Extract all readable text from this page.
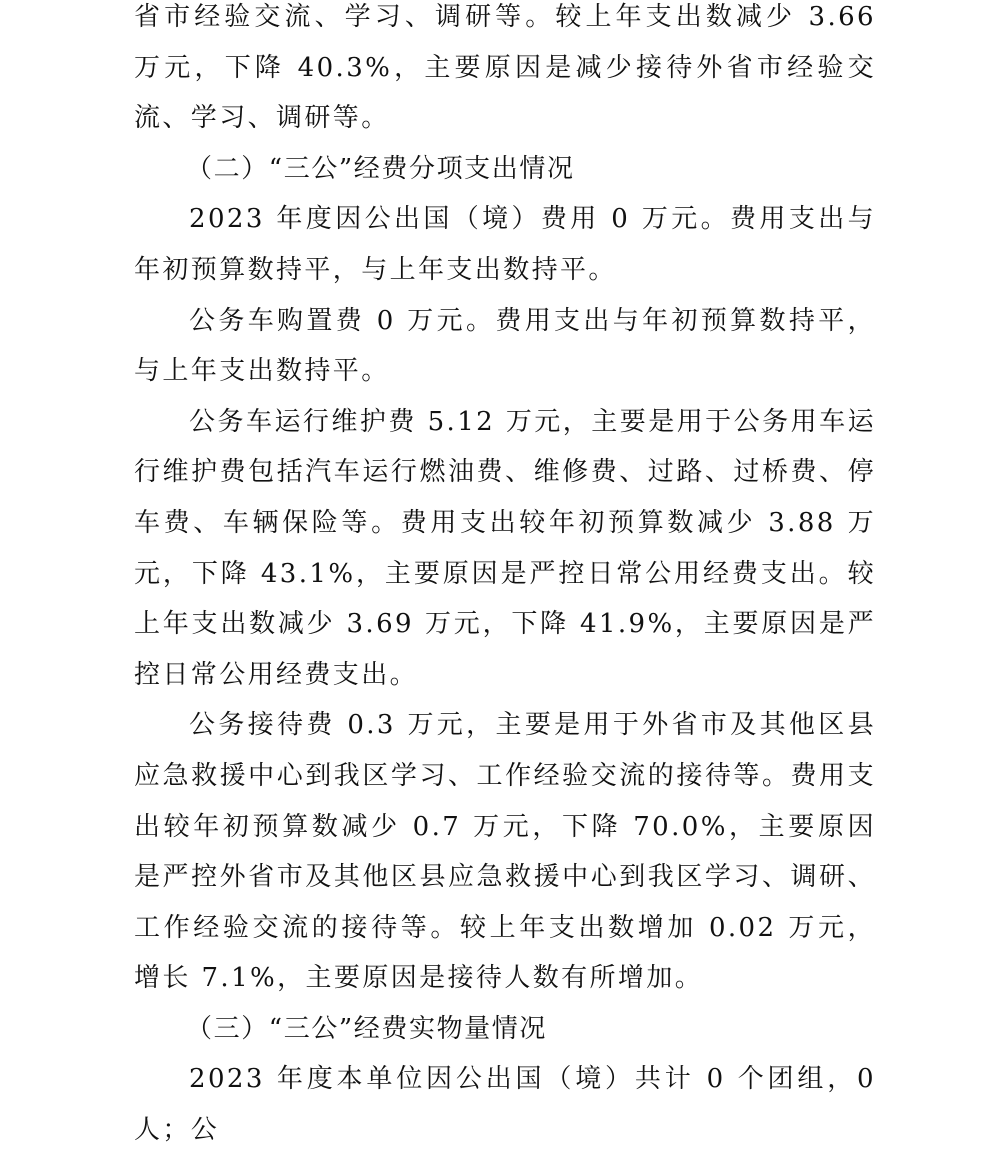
省市经验交流、学习、调研等。较上年支出数减少 3.66 万元，下降 40.3%，主要原因是减少接待外省市经验交流、学习、调研等。

（二）“三公”经费分项支出情况

2023 年度因公出国（境）费用 0 万元。费用支出与年初预算数持平，与上年支出数持平。

公务车购置费 0 万元。费用支出与年初预算数持平，与上年支出数持平。

公务车运行维护费 5.12 万元，主要是用于公务用车运行维护费包括汽车运行燃油费、维修费、过路、过桥费、停车费、车辆保险等。费用支出较年初预算数减少 3.88 万元，下降 43.1%，主要原因是严控日常公用经费支出。较上年支出数减少 3.69 万元，下降 41.9%，主要原因是严控日常公用经费支出。

公务接待费 0.3 万元，主要是用于外省市及其他区县应急救援中心到我区学习、工作经验交流的接待等。费用支出较年初预算数减少 0.7 万元，下降 70.0%，主要原因是严控外省市及其他区县应急救援中心到我区学习、调研、工作经验交流的接待等。较上年支出数增加 0.02 万元，增长 7.1%，主要原因是接待人数有所增加。

（三）“三公”经费实物量情况

2023 年度本单位因公出国（境）共计 0 个团组，0 人；公
